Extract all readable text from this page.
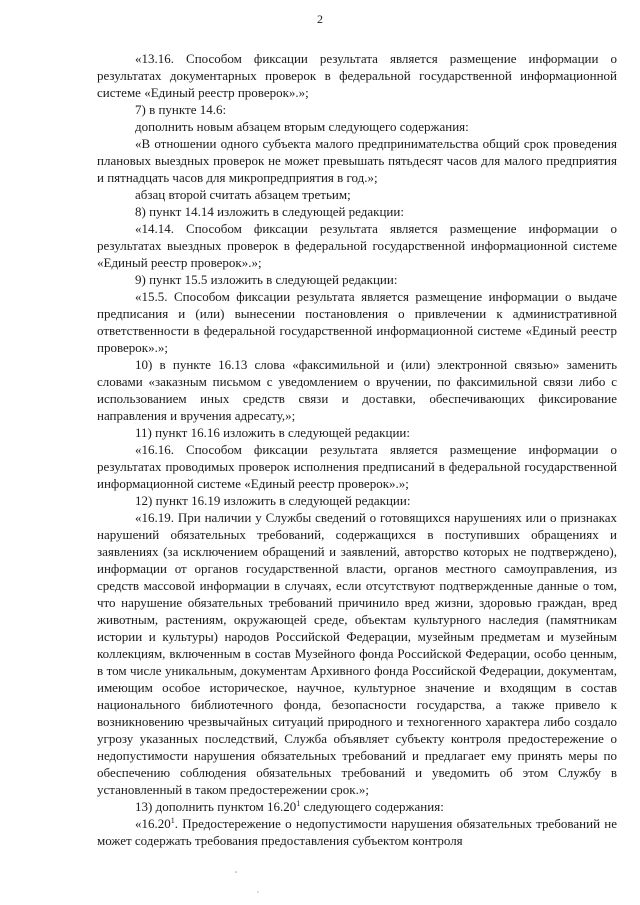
2

«13.16. Способом фиксации результата является размещение информации о результатах документарных проверок в федеральной государственной информационной системе «Единый реестр проверок».»;

7) в пункте 14.6:

дополнить новым абзацем вторым следующего содержания:

«В отношении одного субъекта малого предпринимательства общий срок проведения плановых выездных проверок не может превышать пятьдесят часов для малого предприятия и пятнадцать часов для микропредприятия в год.»;

абзац второй считать абзацем третьим;

8) пункт 14.14 изложить в следующей редакции:

«14.14. Способом фиксации результата является размещение информации о результатах выездных проверок в федеральной государственной информационной системе «Единый реестр проверок».»;

9) пункт 15.5 изложить в следующей редакции:

«15.5. Способом фиксации результата является размещение информации о выдаче предписания и (или) вынесении постановления о привлечении к административной ответственности в федеральной государственной информационной системе «Единый реестр проверок».»;

10) в пункте 16.13 слова «факсимильной и (или) электронной связью» заменить словами «заказным письмом с уведомлением о вручении, по факсимильной связи либо с использованием иных средств связи и доставки, обеспечивающих фиксирование направления и вручения адресату,»;

11) пункт 16.16 изложить в следующей редакции:

«16.16. Способом фиксации результата является размещение информации о результатах проводимых проверок исполнения предписаний в федеральной государственной информационной системе «Единый реестр проверок».»;

12) пункт 16.19 изложить в следующей редакции:

«16.19. При наличии у Службы сведений о готовящихся нарушениях или о признаках нарушений обязательных требований, содержащихся в поступивших обращениях и заявлениях (за исключением обращений и заявлений, авторство которых не подтверждено), информации от органов государственной власти, органов местного самоуправления, из средств массовой информации в случаях, если отсутствуют подтвержденные данные о том, что нарушение обязательных требований причинило вред жизни, здоровью граждан, вред животным, растениям, окружающей среде, объектам культурного наследия (памятникам истории и культуры) народов Российской Федерации, музейным предметам и музейным коллекциям, включенным в состав Музейного фонда Российской Федерации, особо ценным, в том числе уникальным, документам Архивного фонда Российской Федерации, документам, имеющим особое историческое, научное, культурное значение и входящим в состав национального библиотечного фонда, безопасности государства, а также привело к возникновению чрезвычайных ситуаций природного и техногенного характера либо создало угрозу указанных последствий, Служба объявляет субъекту контроля предостережение о недопустимости нарушения обязательных требований и предлагает ему принять меры по обеспечению соблюдения обязательных требований и уведомить об этом Службу в установленный в таком предостережении срок.»;

13) дополнить пунктом 16.20$^1$ следующего содержания:

«16.20$^1$. Предостережение о недопустимости нарушения обязательных требований не может содержать требования предоставления субъектом контроля
